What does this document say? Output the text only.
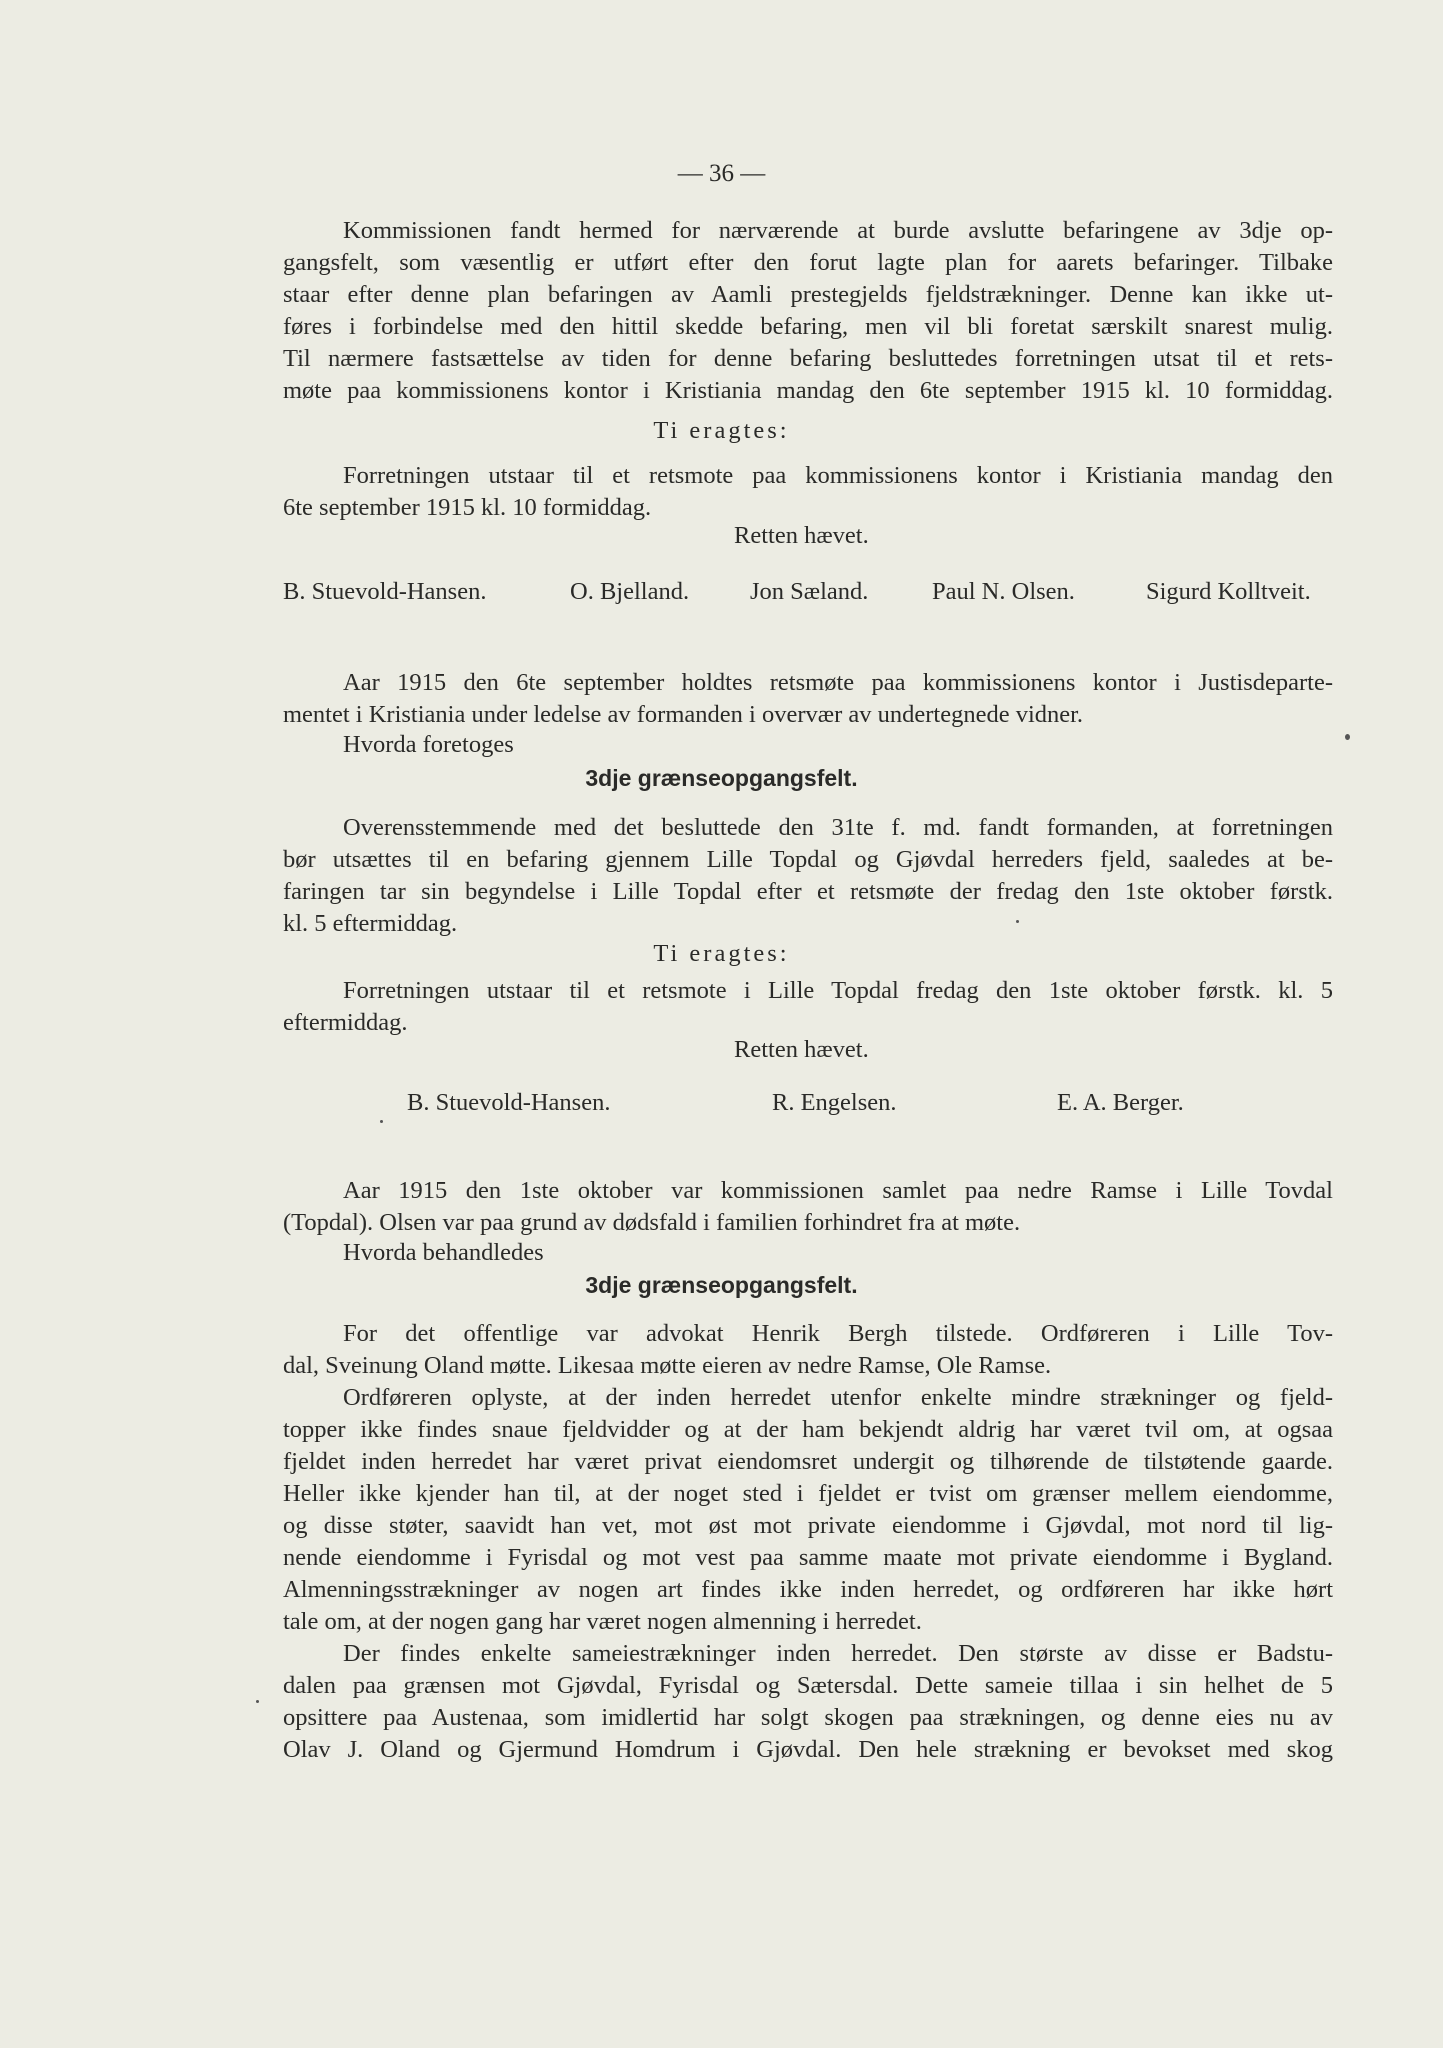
— 36 —
Kommissionen fandt hermed for nærværende at burde avslutte befaringene av 3dje op-
gangsfelt, som væsentlig er utført efter den forut lagte plan for aarets befaringer. Tilbake
staar efter denne plan befaringen av Aamli prestegjelds fjeldstrækninger. Denne kan ikke ut-
føres i forbindelse med den hittil skedde befaring, men vil bli foretat særskilt snarest mulig.
Til nærmere fastsættelse av tiden for denne befaring besluttedes forretningen utsat til et rets-
møte paa kommissionens kontor i Kristiania mandag den 6te september 1915 kl. 10 formiddag.
Ti eragtes:
Forretningen utstaar til et retsmote paa kommissionens kontor i Kristiania mandag den
6te september 1915 kl. 10 formiddag.
Retten hævet.
B. Stuevold-Hansen.	O. Bjelland. Jon Sæland.	Paul N. Olsen.	Sigurd Kolltveit.
Aar 1915 den 6te september holdtes retsmøte paa kommissionens kontor i Justisdeparte-
mentet i Kristiania under ledelse av formanden i overvær av undertegnede vidner.
Hvorda foretoges
3dje grænseopgangsfelt.
Overensstemmende med det besluttede den 31te f. md. fandt formanden, at forretningen
bør utsættes til en befaring gjennem Lille Topdal og Gjøvdal herreders fjeld, saaledes at be-
faringen tar sin begyndelse i Lille Topdal efter et retsmøte der fredag den 1ste oktober førstk.
kl. 5 eftermiddag.
Ti eragtes:
Forretningen utstaar til et retsmote i Lille Topdal fredag den 1ste oktober førstk. kl. 5
eftermiddag.
Retten hævet.
B. Stuevold-Hansen.	R. Engelsen.	E. A. Berger.
Aar 1915 den 1ste oktober var kommissionen samlet paa nedre Ramse i Lille Tovdal
(Topdal). Olsen var paa grund av dødsfald i familien forhindret fra at møte.
Hvorda behandledes
3dje grænseopgangsfelt.
For det offentlige var advokat Henrik Bergh tilstede. Ordføreren i Lille Tov-
dal, Sveinung Oland møtte. Likesaa møtte eieren av nedre Ramse, Ole Ramse.
Ordføreren oplyste, at der inden herredet utenfor enkelte mindre strækninger og fjeld-
topper ikke findes snaue fjeldvidder og at der ham bekjendt aldrig har været tvil om, at ogsaa
fjeldet inden herredet har været privat eiendomsret undergit og tilhørende de tilstøtende gaarde.
Heller ikke kjender han til, at der noget sted i fjeldet er tvist om grænser mellem eiendomme,
og disse støter, saavidt han vet, mot øst mot private eiendomme i Gjøvdal, mot nord til lig-
nende eiendomme i Fyrisdal og mot vest paa samme maate mot private eiendomme i Bygland.
Almenningsstrækninger av nogen art findes ikke inden herredet, og ordføreren har ikke hørt
tale om, at der nogen gang har været nogen almenning i herredet.
Der findes enkelte sameiestrækninger inden herredet. Den største av disse er Badstu-
dalen paa grænsen mot Gjøvdal, Fyrisdal og Sætersdal. Dette sameie tillaa i sin helhet de 5
opsittere paa Austenaa, som imidlertid har solgt skogen paa strækningen, og denne eies nu av
Olav J. Oland og Gjermund Homdrum i Gjøvdal. Den hele strækning er bevokset med skog
